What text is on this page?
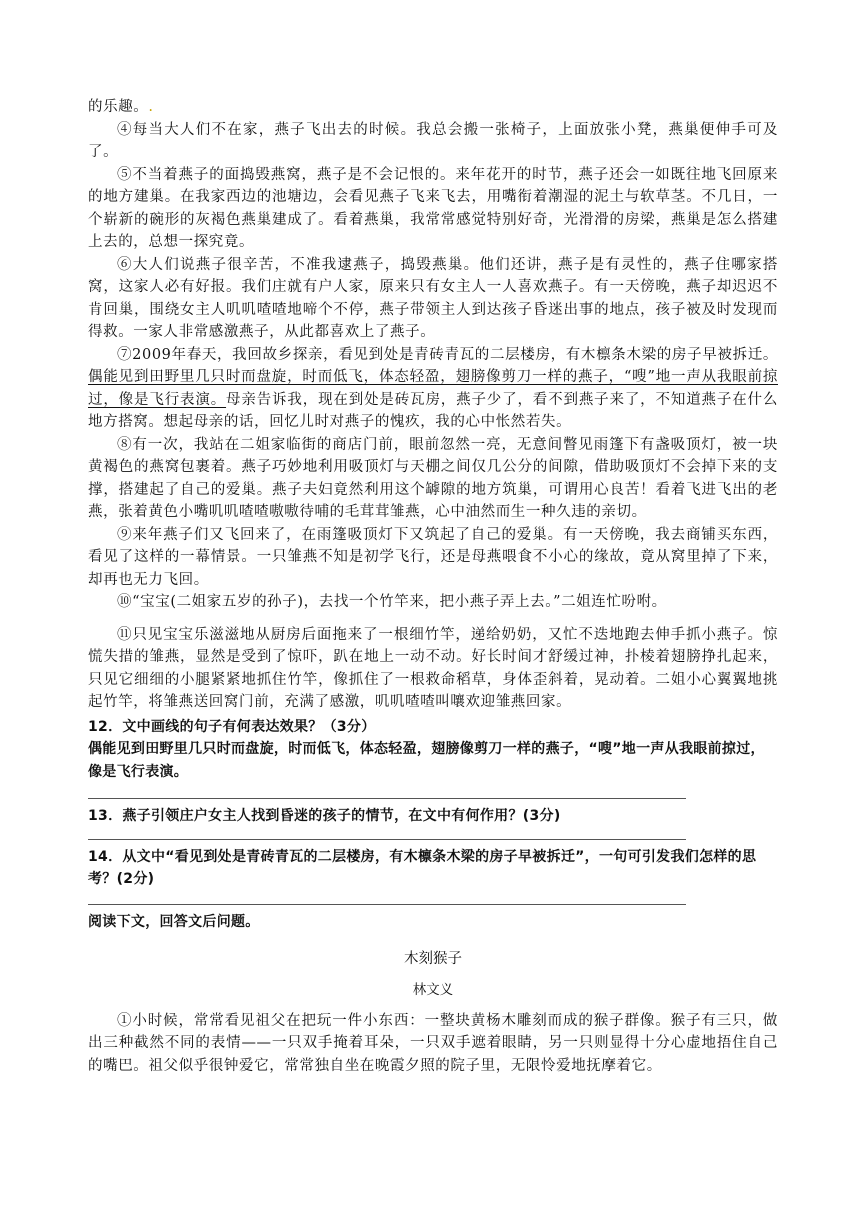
的乐趣。.

④每当大人们不在家，燕子飞出去的时候。我总会搬一张椅子，上面放张小凳，燕巢便伸手可及了。

⑤不当着燕子的面捣毁燕窝，燕子是不会记恨的。来年花开的时节，燕子还会一如既往地飞回原来的地方建巢。在我家西边的池塘边，会看见燕子飞来飞去，用嘴衔着潮湿的泥土与软草茎。不几日，一个崭新的碗形的灰褐色燕巢建成了。看着燕巢，我常常感觉特别好奇，光滑滑的房梁，燕巢是怎么搭建上去的，总想一探究竟。

⑥大人们说燕子很辛苦，不准我逮燕子，捣毁燕巢。他们还讲，燕子是有灵性的，燕子住哪家搭窝，这家人必有好报。我们庄就有户人家，原来只有女主人一人喜欢燕子。有一天傍晚，燕子却迟迟不肯回巢，围绕女主人叽叽喳喳地啼个不停，燕子带领主人到达孩子昏迷出事的地点，孩子被及时发现而得救。一家人非常感激燕子，从此都喜欢上了燕子。

⑦2009年春天，我回故乡探亲，看见到处是青砖青瓦的二层楼房，有木檩条木梁的房子早被拆迁。偶能见到田野里几只时而盘旋，时而低飞，体态轻盈，翅膀像剪刀一样的燕子，“嗖”地一声从我眼前掠过，像是飞行表演。母亲告诉我，现在到处是砖瓦房，燕子少了，看不到燕子来了，不知道燕子在什么地方搭窝。想起母亲的话，回忆儿时对燕子的愧疚，我的心中怅然若失。

⑧有一次，我站在二姐家临街的商店门前，眼前忽然一亮，无意间瞥见雨篷下有盏吸顶灯，被一块黄褐色的燕窝包裹着。燕子巧妙地利用吸顶灯与天棚之间仅几公分的间隙，借助吸顶灯不会掉下来的支撑，搭建起了自己的爱巢。燕子夫妇竟然利用这个罅隙的地方筑巢，可谓用心良苦！看着飞进飞出的老燕，张着黄色小嘴叽叽喳喳嗷嗷待哺的毛茸茸雏燕，心中油然而生一种久违的亲切。

⑨来年燕子们又飞回来了，在雨篷吸顶灯下又筑起了自己的爱巢。有一天傍晚，我去商铺买东西，看见了这样的一幕情景。一只雏燕不知是初学飞行，还是母燕喂食不小心的缘故，竟从窝里掉了下来，却再也无力飞回。

⑩“宝宝(二姐家五岁的孙子)，去找一个竹竿来，把小燕子弄上去。”二姐连忙吩咐。

⑪只见宝宝乐滋滋地从厨房后面拖来了一根细竹竿，递给奶奶，又忙不迭地跑去伸手抓小燕子。惊慌失措的雏燕，显然是受到了惊吓，趴在地上一动不动。好长时间才舒缓过神，扑棱着翅膀挣扎起来，只见它细细的小腿紧紧地抓住竹竿，像抓住了一根救命稻草，身体歪斜着，晃动着。二姐小心翼翼地挑起竹竿，将雏燕送回窝门前，充满了感激，叽叽喳喳叫嚷欢迎雏燕回家。

12．文中画线的句子有何表达效果？（3分）

偶能见到田野里几只时而盘旋，时而低飞，体态轻盈，翅膀像剪刀一样的燕子，“嗖”地一声从我眼前掠过，像是飞行表演。

13．燕子引领庄户女主人找到昏迷的孩子的情节，在文中有何作用？(3分)

14．从文中“看见到处是青砖青瓦的二层楼房，有木檩条木梁的房子早被拆迁”，一句可引发我们怎样的思考？(2分)

阅读下文，回答文后问题。

木刻猴子

林文义

①小时候，常常看见祖父在把玩一件小东西：一整块黄杨木雕刻而成的猴子群像。猴子有三只，做出三种截然不同的表情——一只双手掩着耳朵，一只双手遮着眼睛，另一只则显得十分心虚地捂住自己的嘴巴。祖父似乎很钟爱它，常常独自坐在晚霞夕照的院子里，无限怜爱地抚摩着它。
